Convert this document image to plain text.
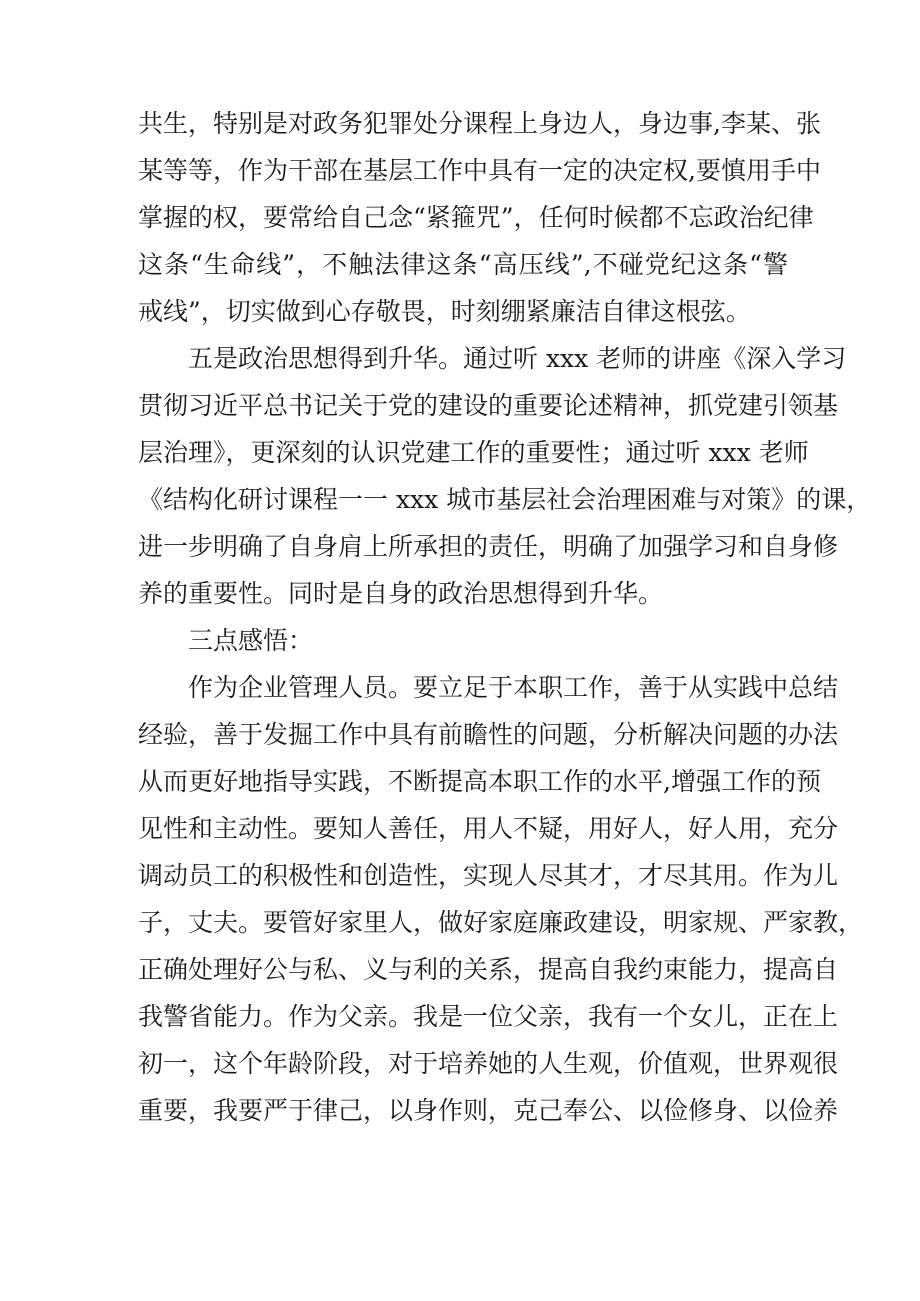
共生，特别是对政务犯罪处分课程上身边人，身边事,李某、张
某等等，作为干部在基层工作中具有一定的决定权,要慎用手中
掌握的权，要常给自己念“紧箍咒”，任何时候都不忘政治纪律
这条“生命线”，不触法律这条“高压线”,不碰党纪这条“警
戒线”，切实做到心存敬畏，时刻绷紧廉洁自律这根弦。
五是政治思想得到升华。通过听 xxx 老师的讲座《深入学习
贯彻习近平总书记关于党的建设的重要论述精神，抓党建引领基
层治理》，更深刻的认识党建工作的重要性；通过听 xxx 老师
《结构化研讨课程一一 xxx 城市基层社会治理困难与对策》的课，
进一步明确了自身肩上所承担的责任，明确了加强学习和自身修
养的重要性。同时是自身的政治思想得到升华。
三点感悟：
作为企业管理人员。要立足于本职工作，善于从实践中总结
经验，善于发掘工作中具有前瞻性的问题，分析解决问题的办法
从而更好地指导实践，不断提高本职工作的水平,增强工作的预
见性和主动性。要知人善任，用人不疑，用好人，好人用，充分
调动员工的积极性和创造性，实现人尽其才，才尽其用。作为儿
子，丈夫。要管好家里人，做好家庭廉政建设，明家规、严家教，
正确处理好公与私、义与利的关系，提高自我约束能力，提高自
我警省能力。作为父亲。我是一位父亲，我有一个女儿，正在上
初一，这个年龄阶段，对于培养她的人生观，价值观，世界观很
重要，我要严于律己，以身作则，克己奉公、以俭修身、以俭养
